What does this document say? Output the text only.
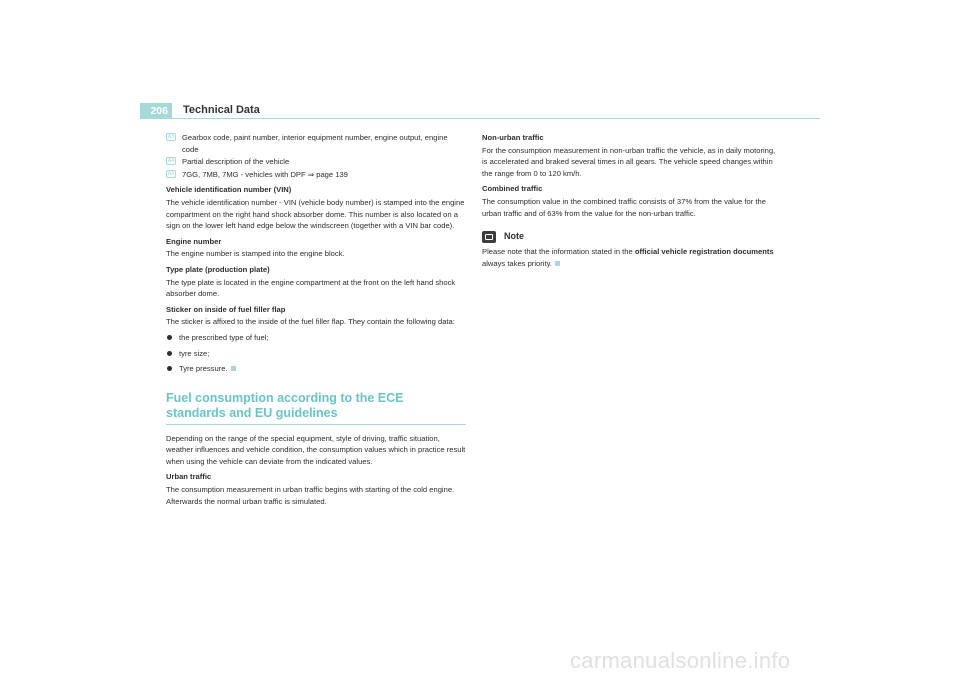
206	Technical Data
A3 Gearbox code, paint number, interior equipment number, engine output, engine code
A4 Partial description of the vehicle
A5 7GG, 7MB, 7MG - vehicles with DPF ⇒ page 139

Vehicle identification number (VIN)

The vehicle identification number - VIN (vehicle body number) is stamped into the engine compartment on the right hand shock absorber dome. This number is also located on a sign on the lower left hand edge below the windscreen (together with a VIN bar code).

Engine number

The engine number is stamped into the engine block.

Type plate (production plate)

The type plate is located in the engine compartment at the front on the left hand shock absorber dome.

Sticker on inside of fuel filler flap

The sticker is affixed to the inside of the fuel filler flap. They contain the following data:

the prescribed type of fuel;
tyre size;
Tyre pressure.
Fuel consumption according to the ECE standards and EU guidelines

Depending on the range of the special equipment, style of driving, traffic situation, weather influences and vehicle condition, the consumption values which in practice result when using the vehicle can deviate from the indicated values.

Urban traffic

The consumption measurement in urban traffic begins with starting of the cold engine. Afterwards the normal urban traffic is simulated.

Non-urban traffic

For the consumption measurement in non-urban traffic the vehicle, as in daily motoring, is accelerated and braked several times in all gears. The vehicle speed changes within the range from 0 to 120 km/h.

Combined traffic

The consumption value in the combined traffic consists of 37% from the value for the urban traffic and of 63% from the value for the non-urban traffic.

Note

Please note that the information stated in the official vehicle registration documents always takes priority.

carmanualsonline.info
